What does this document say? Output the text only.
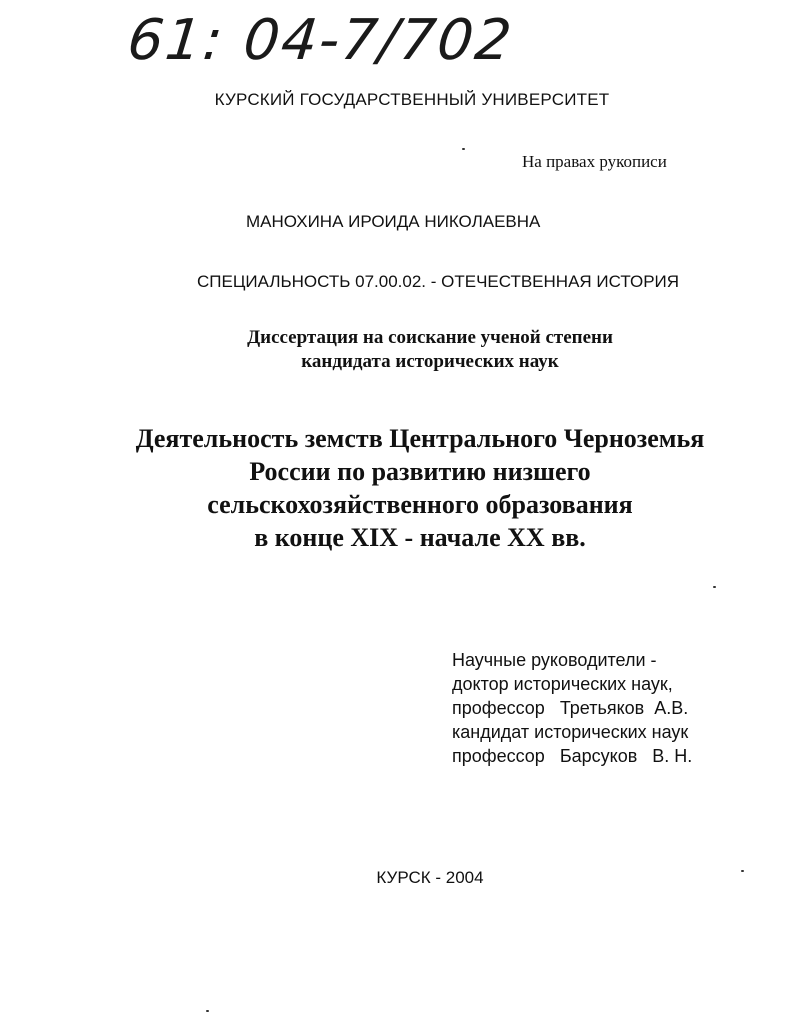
61: 04-7/702
КУРСКИЙ ГОСУДАРСТВЕННЫЙ УНИВЕРСИТЕТ
На правах рукописи
МАНОХИНА ИРОИДА НИКОЛАЕВНА
СПЕЦИАЛЬНОСТЬ 07.00.02. - ОТЕЧЕСТВЕННАЯ ИСТОРИЯ
Диссертация на соискание ученой степени
кандидата исторических наук
Деятельность земств Центрального Черноземья
России по развитию низшего
сельскохозяйственного образования
в конце XIX - начале XX вв.
Научные руководители -
доктор исторических наук,
профессор   Третьяков  А.В.
кандидат исторических наук
профессор   Барсуков   В. Н.
КУРСК - 2004
